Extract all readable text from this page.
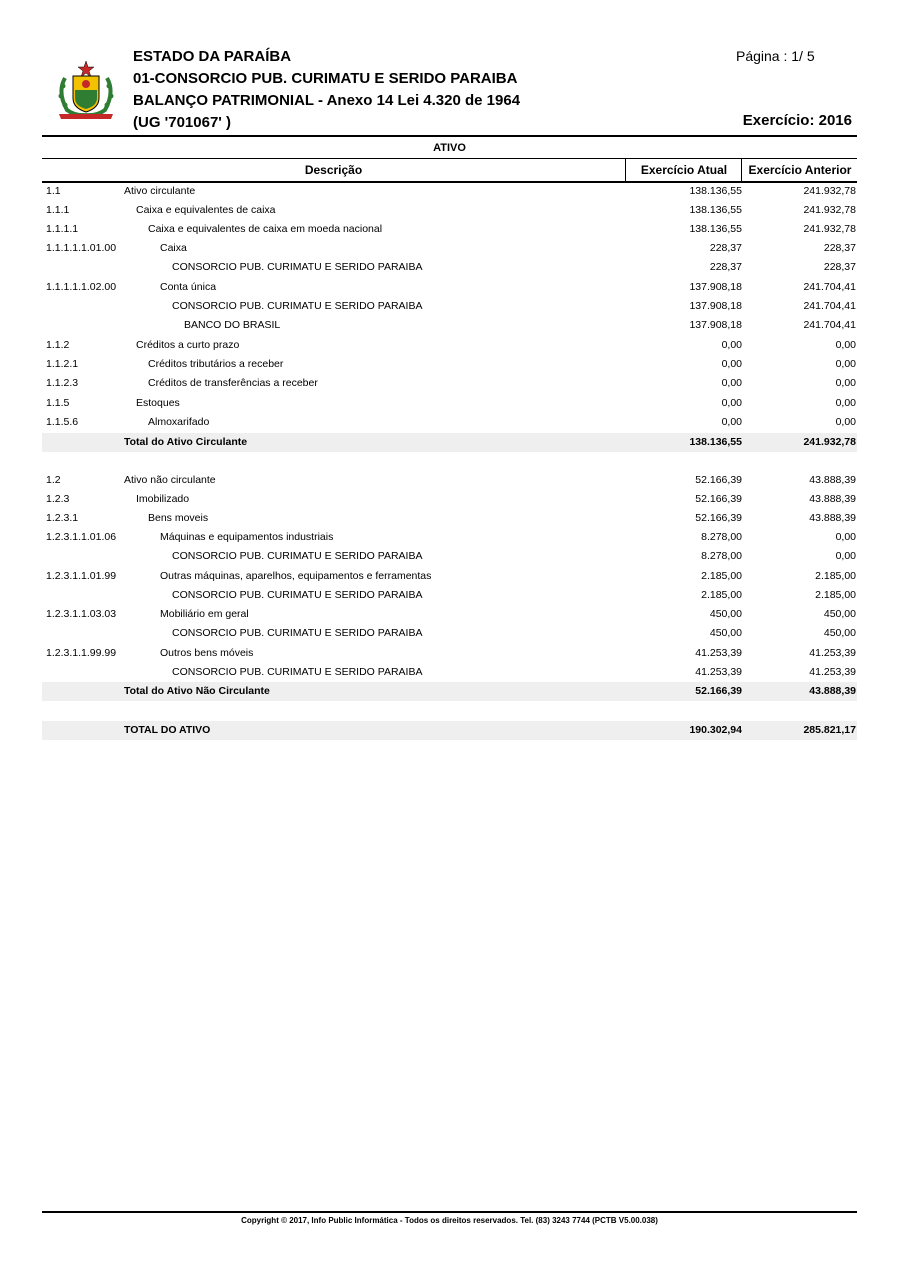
ESTADO DA PARAÍBA
01-CONSORCIO PUB. CURIMATU E SERIDO PARAIBA
BALANÇO PATRIMONIAL - Anexo 14 Lei 4.320 de 1964
(UG '701067' )
Página : 1/ 5
Exercício: 2016
ATIVO
Descrição	Exercício Atual	Exercício Anterior
1.1	Ativo circulante	138.136,55	241.932,78
1.1.1	Caixa e equivalentes de caixa	138.136,55	241.932,78
1.1.1.1	Caixa e equivalentes de caixa em moeda nacional	138.136,55	241.932,78
1.1.1.1.1.01.00	Caixa	228,37	228,37
CONSORCIO PUB. CURIMATU E SERIDO PARAIBA	228,37	228,37
1.1.1.1.1.02.00	Conta única	137.908,18	241.704,41
CONSORCIO PUB. CURIMATU E SERIDO PARAIBA	137.908,18	241.704,41
BANCO DO BRASIL	137.908,18	241.704,41
1.1.2	Créditos a curto prazo	0,00	0,00
1.1.2.1	Créditos tributários a receber	0,00	0,00
1.1.2.3	Créditos de transferências a receber	0,00	0,00
1.1.5	Estoques	0,00	0,00
1.1.5.6	Almoxarifado	0,00	0,00
Total do Ativo Circulante	138.136,55	241.932,78
1.2	Ativo não circulante	52.166,39	43.888,39
1.2.3	Imobilizado	52.166,39	43.888,39
1.2.3.1	Bens moveis	52.166,39	43.888,39
1.2.3.1.1.01.06	Máquinas e equipamentos industriais	8.278,00	0,00
CONSORCIO PUB. CURIMATU E SERIDO PARAIBA	8.278,00	0,00
1.2.3.1.1.01.99	Outras máquinas, aparelhos, equipamentos e ferramentas	2.185,00	2.185,00
CONSORCIO PUB. CURIMATU E SERIDO PARAIBA	2.185,00	2.185,00
1.2.3.1.1.03.03	Mobiliário em geral	450,00	450,00
CONSORCIO PUB. CURIMATU E SERIDO PARAIBA	450,00	450,00
1.2.3.1.1.99.99	Outros bens móveis	41.253,39	41.253,39
CONSORCIO PUB. CURIMATU E SERIDO PARAIBA	41.253,39	41.253,39
Total do Ativo Não Circulante	52.166,39	43.888,39
TOTAL DO ATIVO	190.302,94	285.821,17
Copyright © 2017, Info Public Informática - Todos os direitos reservados. Tel. (83) 3243 7744 (PCTB V5.00.038)
